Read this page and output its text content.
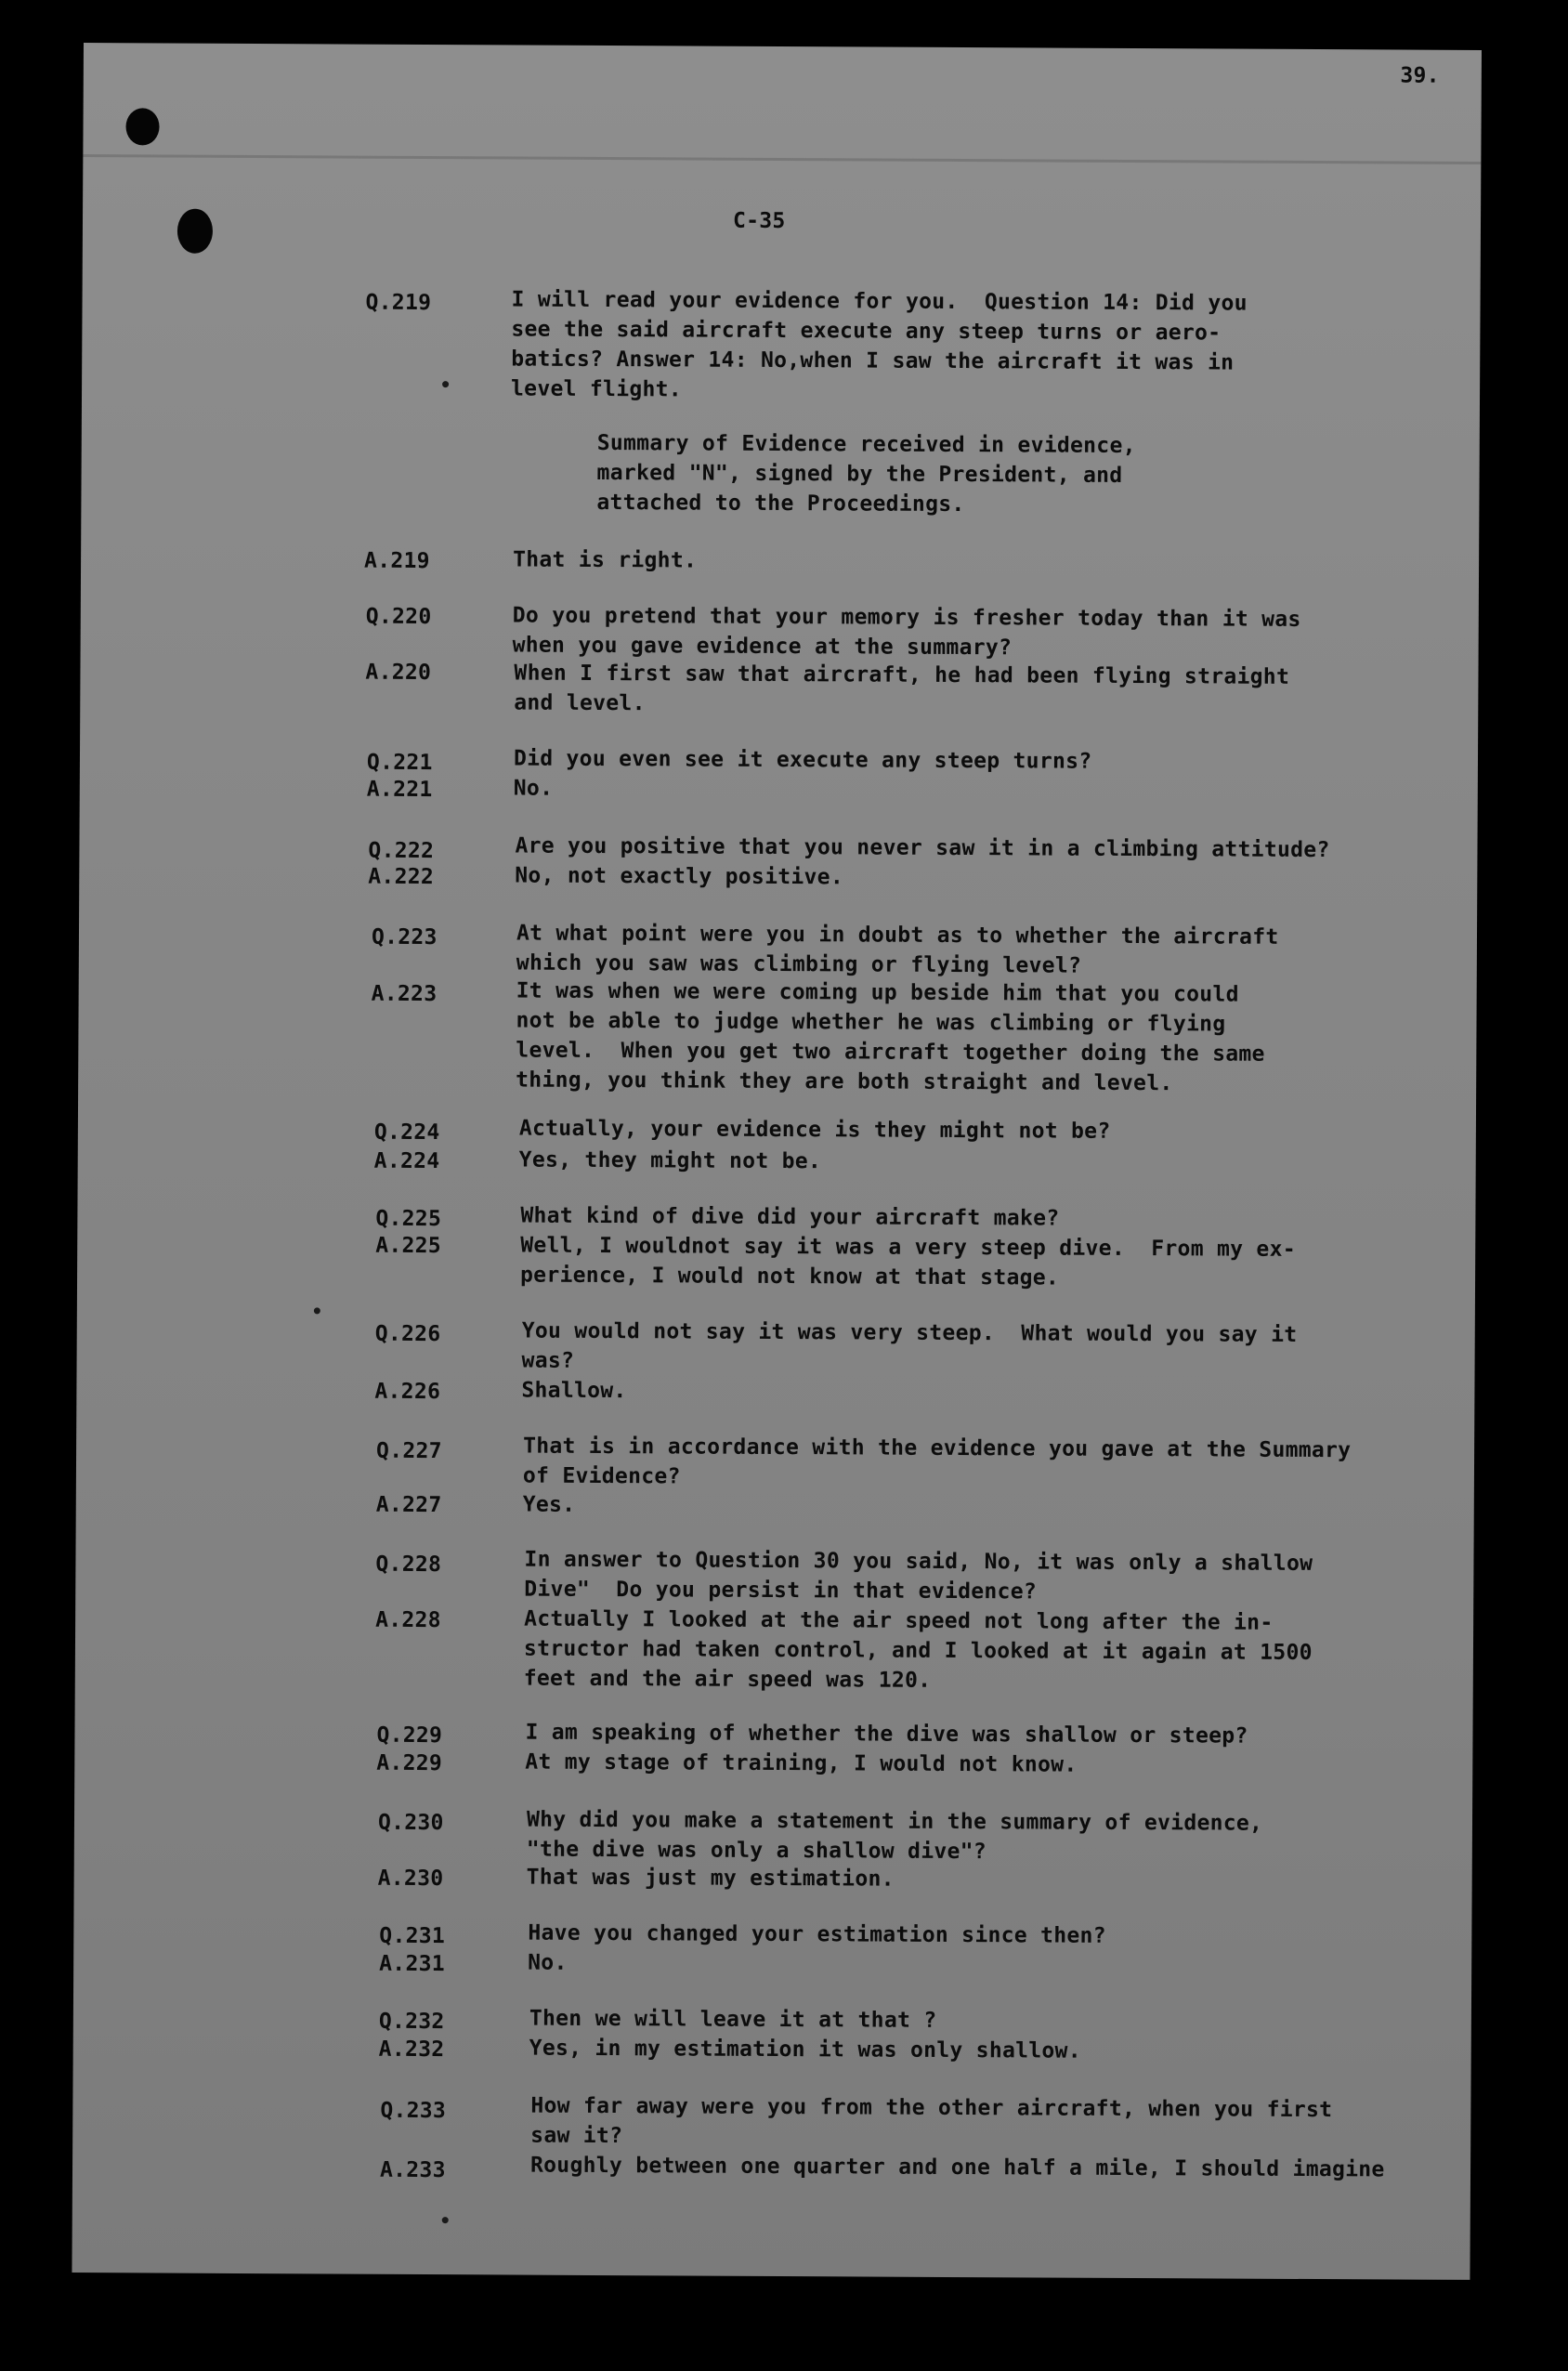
39.
C-35
Q.219	I will read your evidence for you.  Question 14: Did you
see the said aircraft execute any steep turns or aero-
batics? Answer 14: No,when I saw the aircraft it was in
level flight.
Summary of Evidence received in evidence,
marked "N", signed by the President, and
attached to the Proceedings.
A.219	That is right.
Q.220	Do you pretend that your memory is fresher today than it was
when you gave evidence at the summary?
A.220	When I first saw that aircraft, he had been flying straight
and level.
Q.221	Did you even see it execute any steep turns?
A.221	No.
Q.222	Are you positive that you never saw it in a climbing attitude?
A.222	No, not exactly positive.
Q.223	At what point were you in doubt as to whether the aircraft
which you saw was climbing or flying level?
A.223	It was when we were coming up beside him that you could
not be able to judge whether he was climbing or flying
level.  When you get two aircraft together doing the same
thing, you think they are both straight and level.
Q.224	Actually, your evidence is they might not be?
A.224	Yes, they might not be.
Q.225	What kind of dive did your aircraft make?
A.225	Well, I wouldnot say it was a very steep dive.  From my ex-
perience, I would not know at that stage.
Q.226	You would not say it was very steep.  What would you say it
was?
A.226	Shallow.
Q.227	That is in accordance with the evidence you gave at the Summary
of Evidence?
A.227	Yes.
Q.228	In answer to Question 30 you said, No, it was only a shallow
Dive"  Do you persist in that evidence?
A.228	Actually I looked at the air speed not long after the in-
structor had taken control, and I looked at it again at 1500
feet and the air speed was 120.
Q.229	I am speaking of whether the dive was shallow or steep?
A.229	At my stage of training, I would not know.
Q.230	Why did you make a statement in the summary of evidence,
"the dive was only a shallow dive"?
A.230	That was just my estimation.
Q.231	Have you changed your estimation since then?
A.231	No.
Q.232	Then we will leave it at that ?
A.232	Yes, in my estimation it was only shallow.
Q.233	How far away were you from the other aircraft, when you first
saw it?
A.233	Roughly between one quarter and one half a mile, I should imagine
